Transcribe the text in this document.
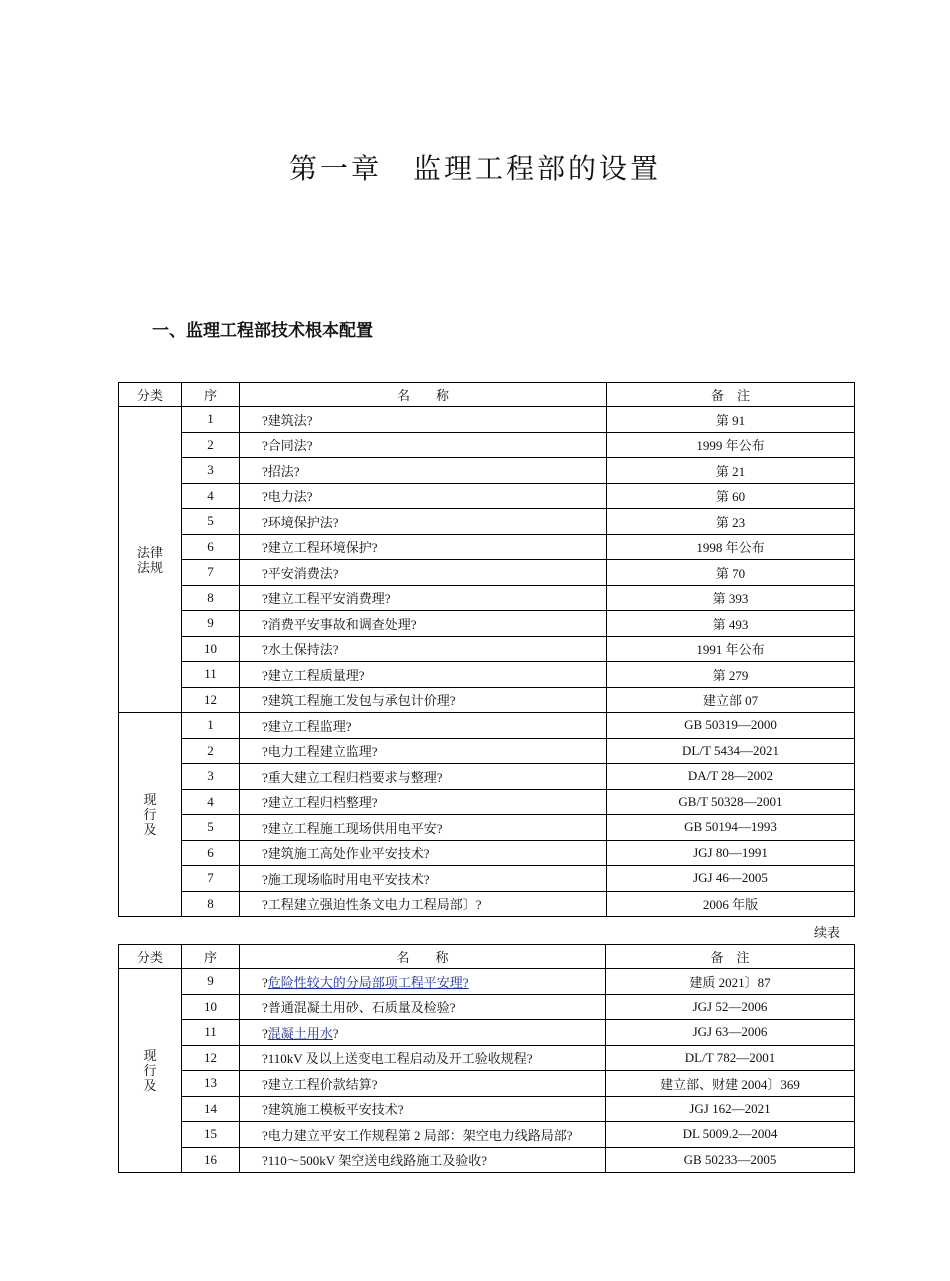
第一章　监理工程部的设置
一、监理工程部技术根本配置
分类	序	名　　称	备　注
法律
法规	1	?建筑法?	第 91
	2	?合同法?	1999 年公布
	3	?招法?	第 21
	4	?电力法?	第 60
	5	?环境保护法?	第 23
	6	?建立工程环境保护?	1998 年公布
	7	?平安消费法?	第 70
	8	?建立工程平安消费理?	第 393
	9	?消费平安事故和调查处理?	第 493
	10	?水土保持法?	1991 年公布
	11	?建立工程质量理?	第 279
	12	?建筑工程施工发包与承包计价理?	建立部 07
现
行
及	1	?建立工程监理?	GB 50319—2000
	2	?电力工程建立监理?	DL/T 5434—2021
	3	?重大建立工程归档要求与整理?	DA/T 28—2002
	4	?建立工程归档整理?	GB/T 50328—2001
	5	?建立工程施工现场供用电平安?	GB 50194—1993
	6	?建筑施工高处作业平安技术?	JGJ 80—1991
	7	?施工现场临时用电平安技术?	JGJ 46—2005
	8	?工程建立强迫性条文电力工程局部〕?	2006 年版
续表
分类	序	名　　称	备　注
现
行
及	9	?危险性较大的分局部项工程平安理?	建质 2021〕87
	10	?普通混凝土用砂、石质量及检验?	JGJ 52—2006
	11	?混凝土用水?	JGJ 63—2006
	12	?110kV 及以上送变电工程启动及开工验收规程?	DL/T 782—2001
	13	?建立工程价款结算?	建立部、财建 2004〕369
	14	?建筑施工模板平安技术?	JGJ 162—2021
	15	?电力建立平安工作规程第 2 局部：架空电力线路局部?	DL 5009.2—2004
	16	?110～500kV 架空送电线路施工及验收?	GB 50233—2005
